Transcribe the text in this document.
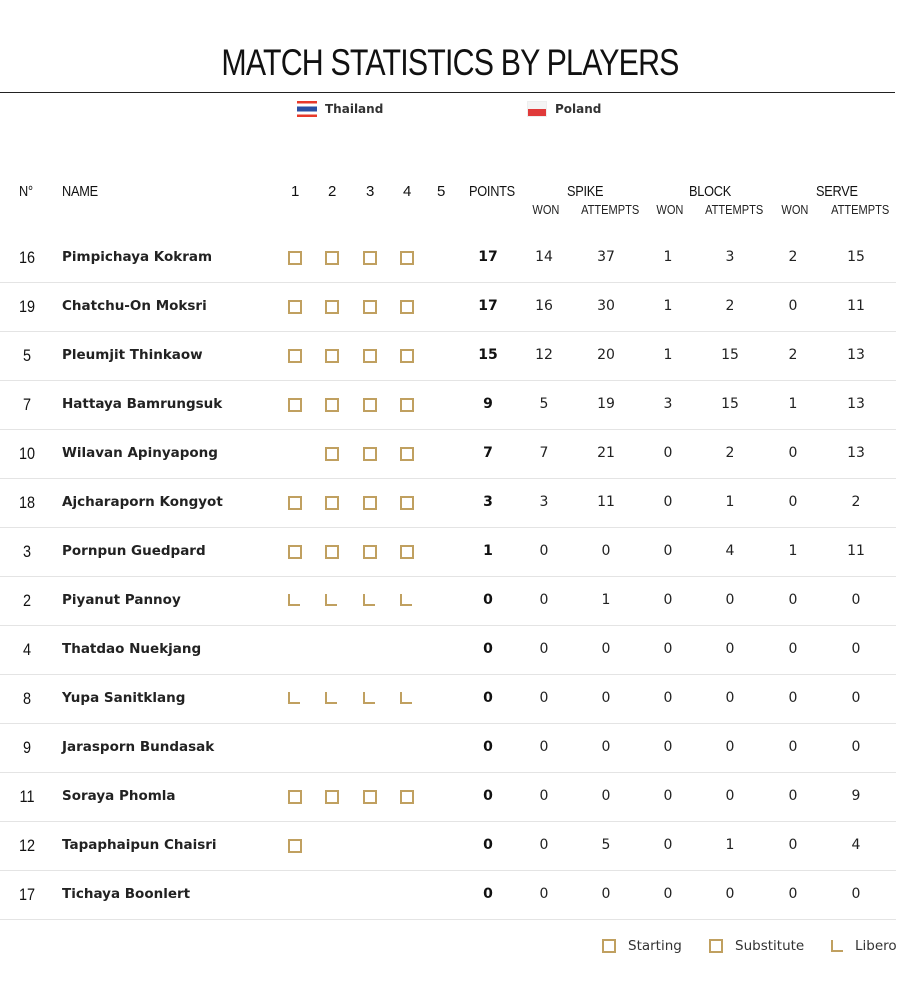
MATCH STATISTICS BY PLAYERS
Thailand	Poland
N° NAME	1 2 3 4 5 POINTS	SPIKE	BLOCK	SERVE
WON ATTEMPTS WON ATTEMPTS WON ATTEMPTS
16 Pimpichaya Kokram	17	14	37	1	3	2	15
19 Chatchu-On Moksri	17	16	30	1	2	0	11
5	Pleumjit Thinkaow	15	12	20	1	15	2	13
7	Hattaya Bamrungsuk	9	5	19	3	15	1	13
10 Wilavan Apinyapong	7	7	21	0	2	0	13
18 Ajcharaporn Kongyot	3	3	11	0	1	0	2
3	Pornpun Guedpard	1	0	0	0	4	1	11
2	Piyanut Pannoy	0	0	1	0	0	0	0
4	Thatdao Nuekjang	0	0	0	0	0	0	0
8	Yupa Sanitklang	0	0	0	0	0	0	0
9	Jarasporn Bundasak	0	0	0	0	0	0	0
11 Soraya Phomla	0	0	0	0	0	0	9
12 Tapaphaipun Chaisri	0	0	5	0	1	0	4
17 Tichaya Boonlert	0	0	0	0	0	0	0
Starting	Substitute	Libero
